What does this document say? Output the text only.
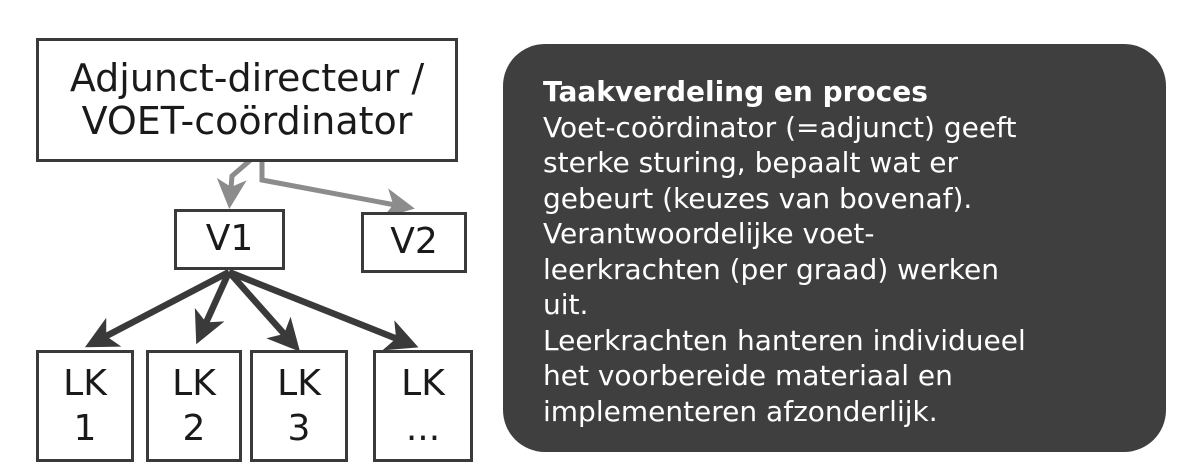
Adjunct-directeur /
VOET-coördinator
V1	V2
LK
1
LK
2
LK
3
LK
...
Taakverdeling en proces
Voet-coördinator (=adjunct) geeft
sterke sturing, bepaalt wat er
gebeurt (keuzes van bovenaf).
Verantwoordelijke voet-
leerkrachten (per graad) werken
uit.
Leerkrachten hanteren individueel
het voorbereide materiaal en
implementeren afzonderlijk.
